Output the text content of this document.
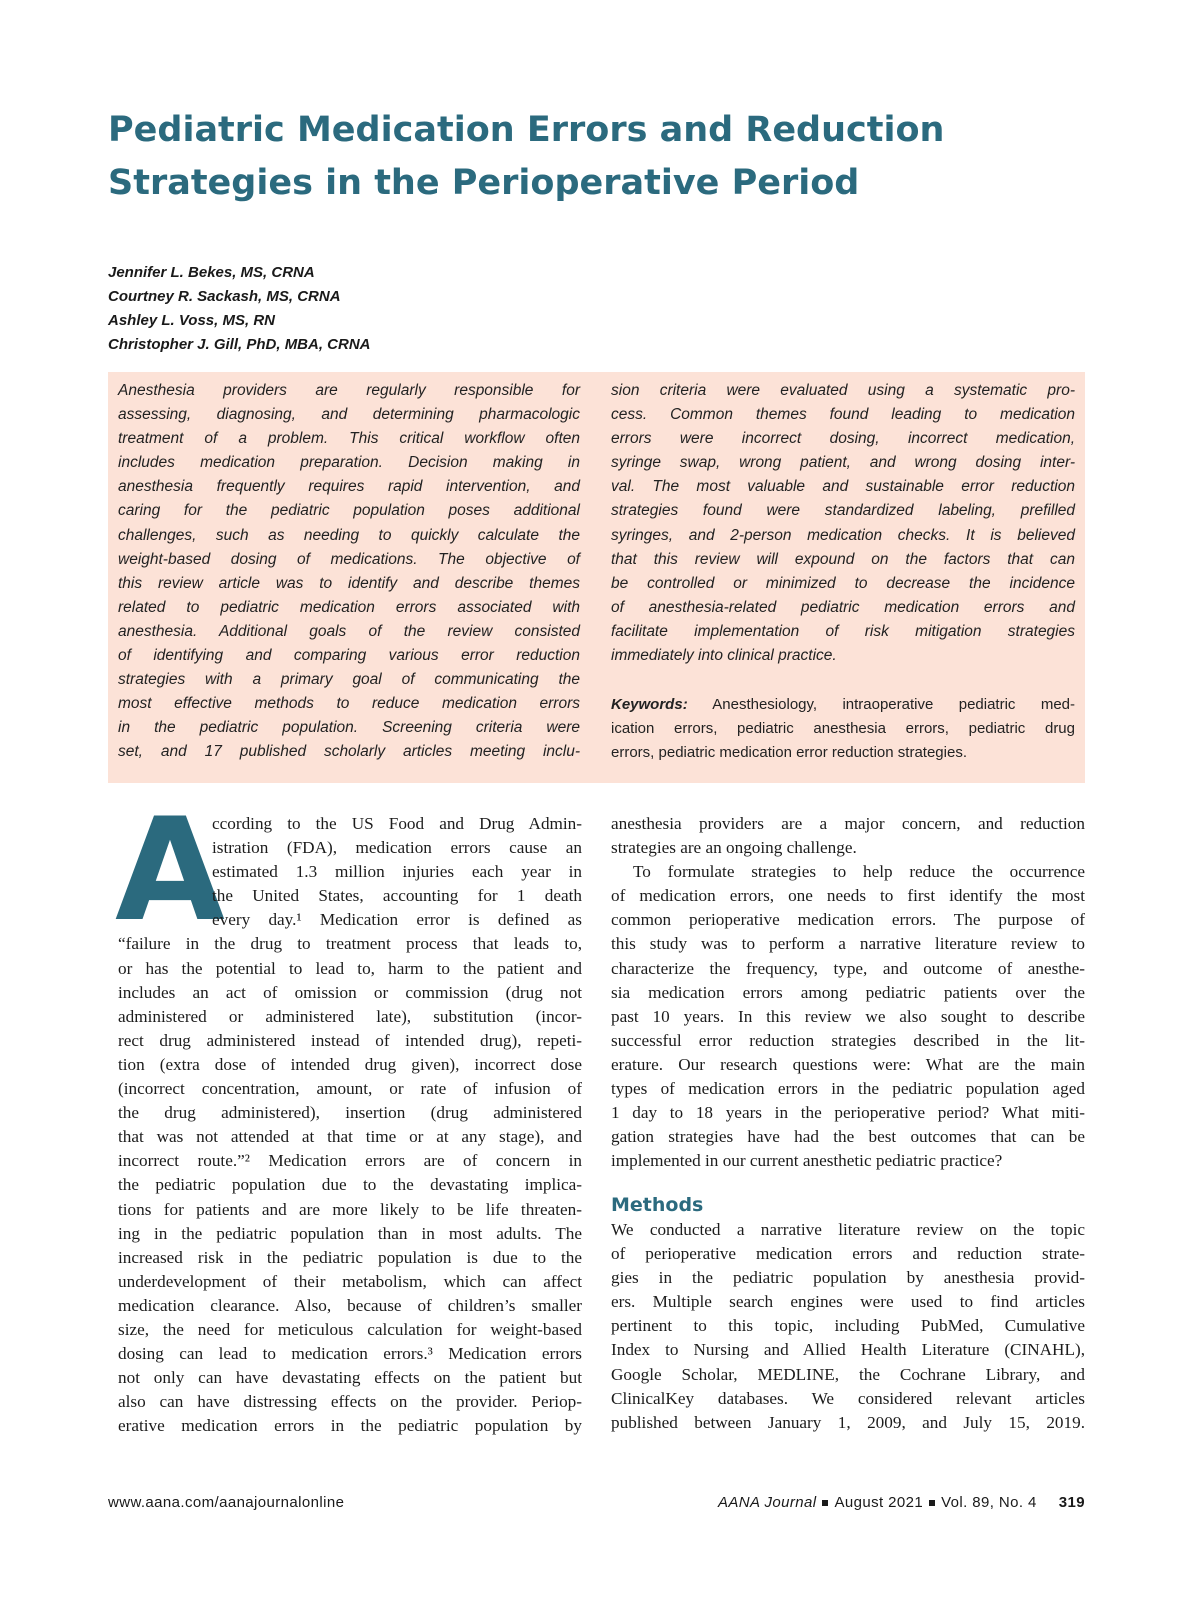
Pediatric Medication Errors and Reduction
Strategies in the Perioperative Period
Jennifer L. Bekes, MS, CRNA
Courtney R. Sackash, MS, CRNA
Ashley L. Voss, MS, RN
Christopher J. Gill, PhD, MBA, CRNA
Anesthesia providers are regularly responsible for
assessing, diagnosing, and determining pharmacologic
treatment of a problem. This critical workflow often
includes medication preparation. Decision making in
anesthesia frequently requires rapid intervention, and
caring for the pediatric population poses additional
challenges, such as needing to quickly calculate the
weight-based dosing of medications. The objective of
this review article was to identify and describe themes
related to pediatric medication errors associated with
anesthesia. Additional goals of the review consisted
of identifying and comparing various error reduction
strategies with a primary goal of communicating the
most effective methods to reduce medication errors
in the pediatric population. Screening criteria were
set, and 17 published scholarly articles meeting inclu-
sion criteria were evaluated using a systematic pro-
cess. Common themes found leading to medication
errors were incorrect dosing, incorrect medication,
syringe swap, wrong patient, and wrong dosing inter-
val. The most valuable and sustainable error reduction
strategies found were standardized labeling, prefilled
syringes, and 2-person medication checks. It is believed
that this review will expound on the factors that can
be controlled or minimized to decrease the incidence
of anesthesia-related pediatric medication errors and
facilitate implementation of risk mitigation strategies
immediately into clinical practice.
Keywords: Anesthesiology, intraoperative pediatric med-
ication errors, pediatric anesthesia errors, pediatric drug
errors, pediatric medication error reduction strategies.
A
ccording to the US Food and Drug Admin-
istration (FDA), medication errors cause an
estimated 1.3 million injuries each year in
the United States, accounting for 1 death
every day.¹ Medication error is defined as
“failure in the drug to treatment process that leads to,
or has the potential to lead to, harm to the patient and
includes an act of omission or commission (drug not
administered or administered late), substitution (incor-
rect drug administered instead of intended drug), repeti-
tion (extra dose of intended drug given), incorrect dose
(incorrect concentration, amount, or rate of infusion of
the drug administered), insertion (drug administered
that was not attended at that time or at any stage), and
incorrect route.”² Medication errors are of concern in
the pediatric population due to the devastating implica-
tions for patients and are more likely to be life threaten-
ing in the pediatric population than in most adults. The
increased risk in the pediatric population is due to the
underdevelopment of their metabolism, which can affect
medication clearance. Also, because of children’s smaller
size, the need for meticulous calculation for weight-based
dosing can lead to medication errors.³ Medication errors
not only can have devastating effects on the patient but
also can have distressing effects on the provider. Periop-
erative medication errors in the pediatric population by
anesthesia providers are a major concern, and reduction
strategies are an ongoing challenge.
To formulate strategies to help reduce the occurrence
of medication errors, one needs to first identify the most
common perioperative medication errors. The purpose of
this study was to perform a narrative literature review to
characterize the frequency, type, and outcome of anesthe-
sia medication errors among pediatric patients over the
past 10 years. In this review we also sought to describe
successful error reduction strategies described in the lit-
erature. Our research questions were: What are the main
types of medication errors in the pediatric population aged
1 day to 18 years in the perioperative period? What miti-
gation strategies have had the best outcomes that can be
implemented in our current anesthetic pediatric practice?
Methods
We conducted a narrative literature review on the topic
of perioperative medication errors and reduction strate-
gies in the pediatric population by anesthesia provid-
ers. Multiple search engines were used to find articles
pertinent to this topic, including PubMed, Cumulative
Index to Nursing and Allied Health Literature (CINAHL),
Google Scholar, MEDLINE, the Cochrane Library, and
ClinicalKey databases. We considered relevant articles
published between January 1, 2009, and July 15, 2019.
www.aana.com/aanajournalonline	AANA Journal August 2021 Vol. 89, No. 4 319
